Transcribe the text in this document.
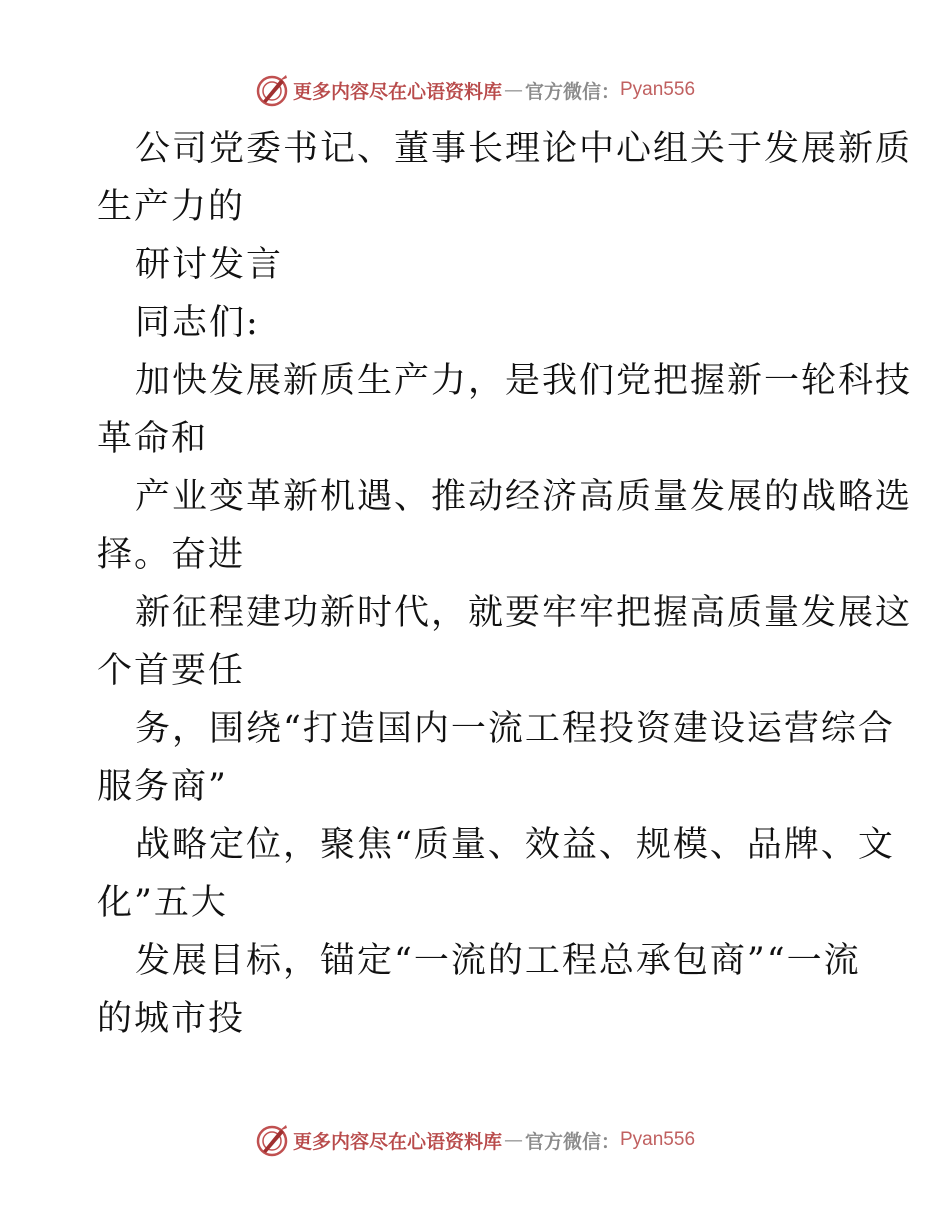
更多内容尽在心语资料库 — 官方微信： Pyan556
公司党委书记、董事长理论中心组关于发展新质
生产力的
研讨发言
同志们:
加快发展新质生产力，是我们党把握新一轮科技
革命和
产业变革新机遇、推动经济高质量发展的战略选
择。奋进
新征程建功新时代，就要牢牢把握高质量发展这
个首要任
务，围绕“打造国内一流工程投资建设运营综合
服务商”
战略定位，聚焦“质量、效益、规模、品牌、文
化”五大
发展目标，锚定“一流的工程总承包商”“一流
的城市投
更多内容尽在心语资料库 — 官方微信： Pyan556
